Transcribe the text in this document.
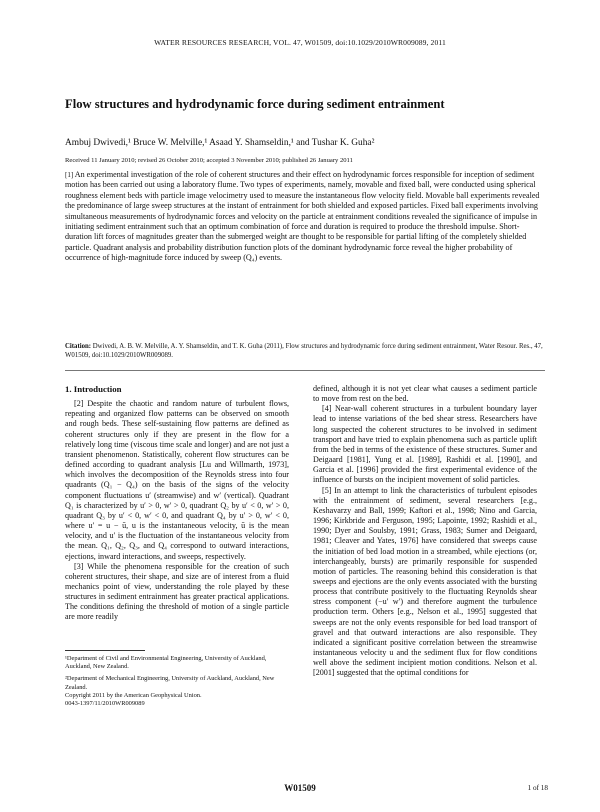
WATER RESOURCES RESEARCH, VOL. 47, W01509, doi:10.1029/2010WR009089, 2011
Flow structures and hydrodynamic force during sediment entrainment
Ambuj Dwivedi,¹ Bruce W. Melville,¹ Asaad Y. Shamseldin,¹ and Tushar K. Guha²
Received 11 January 2010; revised 26 October 2010; accepted 3 November 2010; published 26 January 2011
[1] An experimental investigation of the role of coherent structures and their effect on hydrodynamic forces responsible for inception of sediment motion has been carried out using a laboratory flume. Two types of experiments, namely, movable and fixed ball, were conducted using spherical roughness element beds with particle image velocimetry used to measure the instantaneous flow velocity field. Movable ball experiments revealed the predominance of large sweep structures at the instant of entrainment for both shielded and exposed particles. Fixed ball experiments involving simultaneous measurements of hydrodynamic forces and velocity on the particle at entrainment conditions revealed the significance of impulse in initiating sediment entrainment such that an optimum combination of force and duration is required to produce the threshold impulse. Short-duration lift forces of magnitudes greater than the submerged weight are thought to be responsible for partial lifting of the completely shielded particle. Quadrant analysis and probability distribution function plots of the dominant hydrodynamic force reveal the higher probability of occurrence of high-magnitude force induced by sweep (Q₄) events.
Citation: Dwivedi, A. B. W. Melville, A. Y. Shamseldin, and T. K. Guha (2011), Flow structures and hydrodynamic force during sediment entrainment, Water Resour. Res., 47, W01509, doi:10.1029/2010WR009089.
1. Introduction

[2] Despite the chaotic and random nature of turbulent flows, repeating and organized flow patterns can be observed on smooth and rough beds. These self-sustaining flow patterns are defined as coherent structures only if they are present in the flow for a relatively long time (viscous time scale and longer) and are not just a transient phenomenon. Statistically, coherent flow structures can be defined according to quadrant analysis [Lu and Willmarth, 1973], which involves the decomposition of the Reynolds stress into four quadrants (Q₁ − Q₄) on the basis of the signs of the velocity component fluctuations u′ (streamwise) and w′ (vertical). Quadrant Q₁ is characterized by u′ > 0, w′ > 0, quadrant Q₂ by u′ < 0, w′ > 0, quadrant Q₃ by u′ < 0, w′ < 0, and quadrant Q₄ by u′ > 0, w′ < 0, where u′ = u − ū, u is the instantaneous velocity, ū is the mean velocity, and u′ is the fluctuation of the instantaneous velocity from the mean. Q₁, Q₂, Q₃, and Q₄ correspond to outward interactions, ejections, inward interactions, and sweeps, respectively.

[3] While the phenomena responsible for the creation of such coherent structures, their shape, and size are of interest from a fluid mechanics point of view, understanding the role played by these structures in sediment entrainment has greater practical applications. The conditions defining the threshold of motion of a single particle are more readily

defined, although it is not yet clear what causes a sediment particle to move from rest on the bed.

[4] Near-wall coherent structures in a turbulent boundary layer lead to intense variations of the bed shear stress. Researchers have long suspected the coherent structures to be involved in sediment transport and have tried to explain phenomena such as particle uplift from the bed in terms of the existence of these structures. Sumer and Deigaard [1981], Yung et al. [1989], Rashidi et al. [1990], and Garcia et al. [1996] provided the first experimental evidence of the influence of bursts on the incipient movement of solid particles.

[5] In an attempt to link the characteristics of turbulent episodes with the entrainment of sediment, several researchers [e.g., Keshavarzy and Ball, 1999; Kaftori et al., 1998; Nino and Garcia, 1996; Kirkbride and Ferguson, 1995; Lapointe, 1992; Rashidi et al., 1990; Dyer and Soulsby, 1991; Grass, 1983; Sumer and Deigaard, 1981; Cleaver and Yates, 1976] have considered that sweeps cause the initiation of bed load motion in a streambed, while ejections (or, interchangeably, bursts) are primarily responsible for suspended motion of particles. The reasoning behind this consideration is that sweeps and ejections are the only events associated with the bursting process that contribute positively to the fluctuating Reynolds shear stress component (−u′ w′) and therefore augment the turbulence production term. Others [e.g., Nelson et al., 1995] suggested that sweeps are not the only events responsible for bed load transport of gravel and that outward interactions are also responsible. They indicated a significant positive correlation between the streamwise instantaneous velocity u and the sediment flux for flow conditions well above the sediment incipient motion conditions. Nelson et al. [2001] suggested that the optimal conditions for

¹Department of Civil and Environmental Engineering, University of Auckland, Auckland, New Zealand.

²Department of Mechanical Engineering, University of Auckland, Auckland, New Zealand.

Copyright 2011 by the American Geophysical Union.
0043-1397/11/2010WR009089
W01509	1 of 18
